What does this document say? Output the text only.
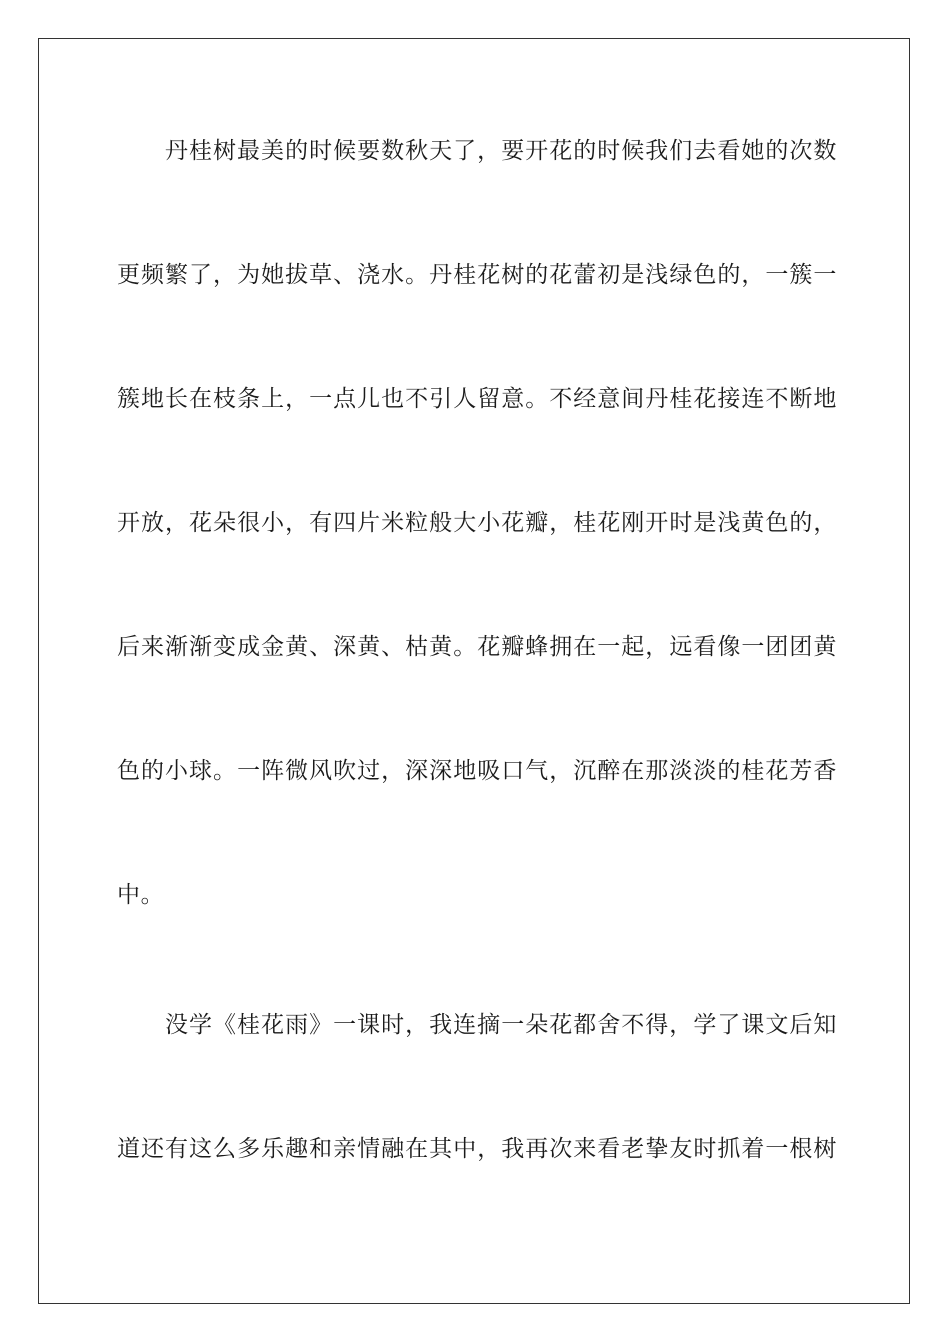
丹桂树最美的时候要数秋天了，要开花的时候我们去看她的次数
更频繁了，为她拔草、浇水。丹桂花树的花蕾初是浅绿色的，一簇一
簇地长在枝条上，一点儿也不引人留意。不经意间丹桂花接连不断地
开放，花朵很小，有四片米粒般大小花瓣，桂花刚开时是浅黄色的，
后来渐渐变成金黄、深黄、枯黄。花瓣蜂拥在一起，远看像一团团黄
色的小球。一阵微风吹过，深深地吸口气，沉醉在那淡淡的桂花芳香
中。
没学《桂花雨》一课时，我连摘一朵花都舍不得，学了课文后知
道还有这么多乐趣和亲情融在其中，我再次来看老挚友时抓着一根树
